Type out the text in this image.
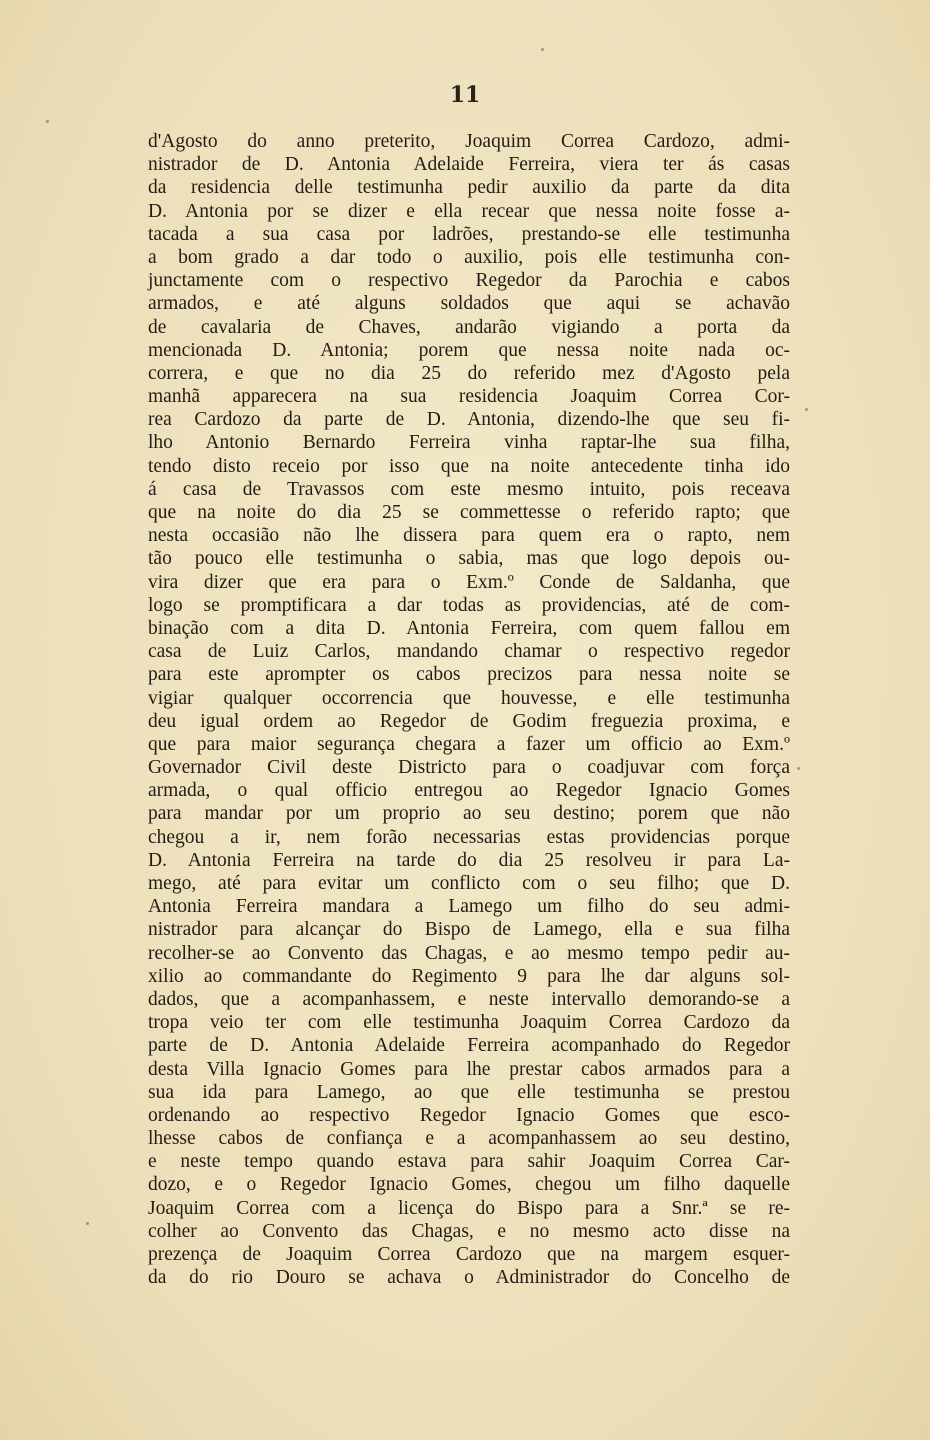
11
d'Agosto do anno preterito, Joaquim Correa Cardozo, admi-
nistrador de D. Antonia Adelaide Ferreira, viera ter ás casas
da residencia delle testimunha pedir auxilio da parte da dita
D. Antonia por se dizer e ella recear que nessa noite fosse a-
tacada a sua casa por ladrões, prestando-se elle testimunha
a bom grado a dar todo o auxilio, pois elle testimunha con-
junctamente com o respectivo Regedor da Parochia e cabos
armados, e até alguns soldados que aqui se achavão
de cavalaria de Chaves, andarão vigiando a porta da
mencionada D. Antonia; porem que nessa noite nada oc-
correra, e que no dia 25 do referido mez d'Agosto pela
manhã apparecera na sua residencia Joaquim Correa Cor-
rea Cardozo da parte de D. Antonia, dizendo-lhe que seu fi-
lho Antonio Bernardo Ferreira vinha raptar-lhe sua filha,
tendo disto receio por isso que na noite antecedente tinha ido
á casa de Travassos com este mesmo intuito, pois receava
que na noite do dia 25 se commettesse o referido rapto; que
nesta occasião não lhe dissera para quem era o rapto, nem
tão pouco elle testimunha o sabia, mas que logo depois ou-
vira dizer que era para o Exm.º Conde de Saldanha, que
logo se promptificara a dar todas as providencias, até de com-
binação com a dita D. Antonia Ferreira, com quem fallou em
casa de Luiz Carlos, mandando chamar o respectivo regedor
para este aprompter os cabos precizos para nessa noite se
vigiar qualquer occorrencia que houvesse, e elle testimunha
deu igual ordem ao Regedor de Godim freguezia proxima, e
que para maior segurança chegara a fazer um officio ao Exm.º
Governador Civil deste Districto para o coadjuvar com força
armada, o qual officio entregou ao Regedor Ignacio Gomes
para mandar por um proprio ao seu destino; porem que não
chegou a ir, nem forão necessarias estas providencias porque
D. Antonia Ferreira na tarde do dia 25 resolveu ir para La-
mego, até para evitar um conflicto com o seu filho; que D.
Antonia Ferreira mandara a Lamego um filho do seu admi-
nistrador para alcançar do Bispo de Lamego, ella e sua filha
recolher-se ao Convento das Chagas, e ao mesmo tempo pedir au-
xilio ao commandante do Regimento 9 para lhe dar alguns sol-
dados, que a acompanhassem, e neste intervallo demorando-se a
tropa veio ter com elle testimunha Joaquim Correa Cardozo da
parte de D. Antonia Adelaide Ferreira acompanhado do Regedor
desta Villa Ignacio Gomes para lhe prestar cabos armados para a
sua ida para Lamego, ao que elle testimunha se prestou
ordenando ao respectivo Regedor Ignacio Gomes que esco-
lhesse cabos de confiança e a acompanhassem ao seu destino,
e neste tempo quando estava para sahir Joaquim Correa Car-
dozo, e o Regedor Ignacio Gomes, chegou um filho daquelle
Joaquim Correa com a licença do Bispo para a Snr.ª se re-
colher ao Convento das Chagas, e no mesmo acto disse na
prezença de Joaquim Correa Cardozo que na margem esquer-
da do rio Douro se achava o Administrador do Concelho de
